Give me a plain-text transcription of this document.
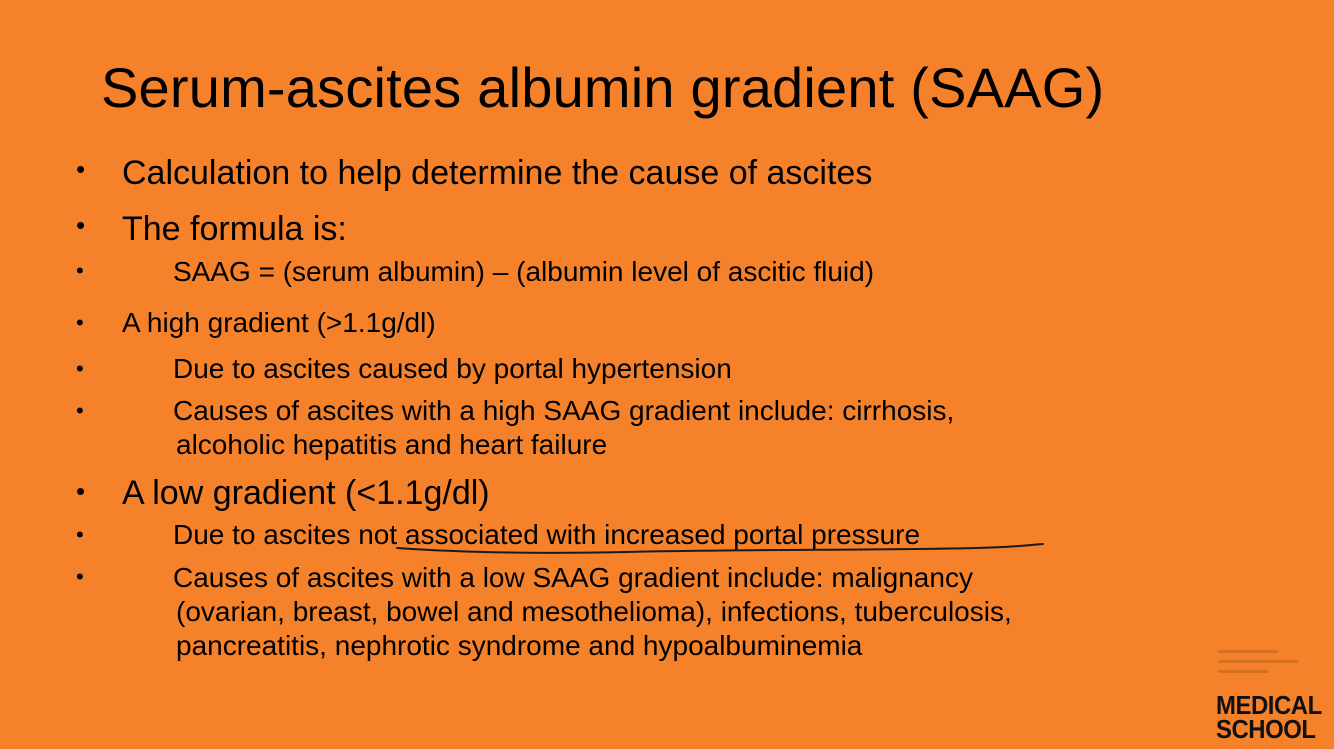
Serum-ascites albumin gradient (SAAG)
• Calculation to help determine the cause of ascites
• The formula is:
•	SAAG = (serum albumin) – (albumin level of ascitic fluid)
• A high gradient (>1.1g/dl)
•	Due to ascites caused by portal hypertension
•	Causes of ascites with a high SAAG gradient include: cirrhosis,
alcoholic hepatitis and heart failure
• A low gradient (<1.1g/dl)
•	Due to ascites not associated with increased portal pressure
•	Causes of ascites with a low SAAG gradient include: malignancy
(ovarian, breast, bowel and mesothelioma), infections, tuberculosis,
pancreatitis, nephrotic syndrome and hypoalbuminemia
MEDICAL
SCHOOL
